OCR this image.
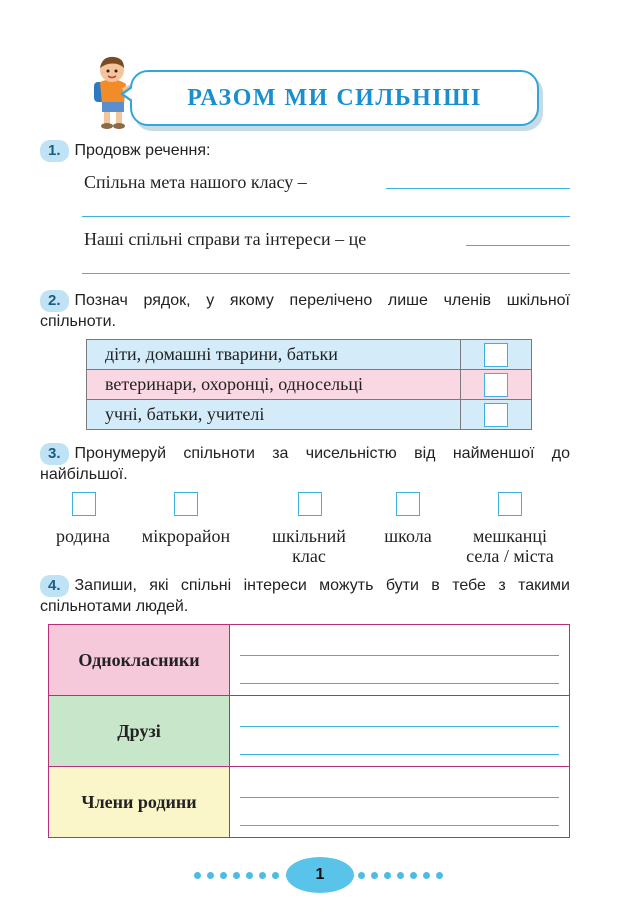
РАЗОМ МИ СИЛЬНІШІ
1. Продовж речення:
Спільна мета нашого класу –
Наші спільні справи та інтереси – це
2. Познач рядок, у якому перелічено лише членів шкільної спільноти.
діти, домашні тварини, батьки	
ветеринари, охоронці, односельці	
учні, батьки, учителі	
3. Пронумеруй спільноти за чисельністю від найменшої до найбільшої.
родина	мікрорайон	шкільний
клас
школа	мешканці
села / міста
4. Запиши, які спільні інтереси можуть бути в тебе з такими спільнотами людей.
Однокласники	

Друзі	

Члени родини	
1
